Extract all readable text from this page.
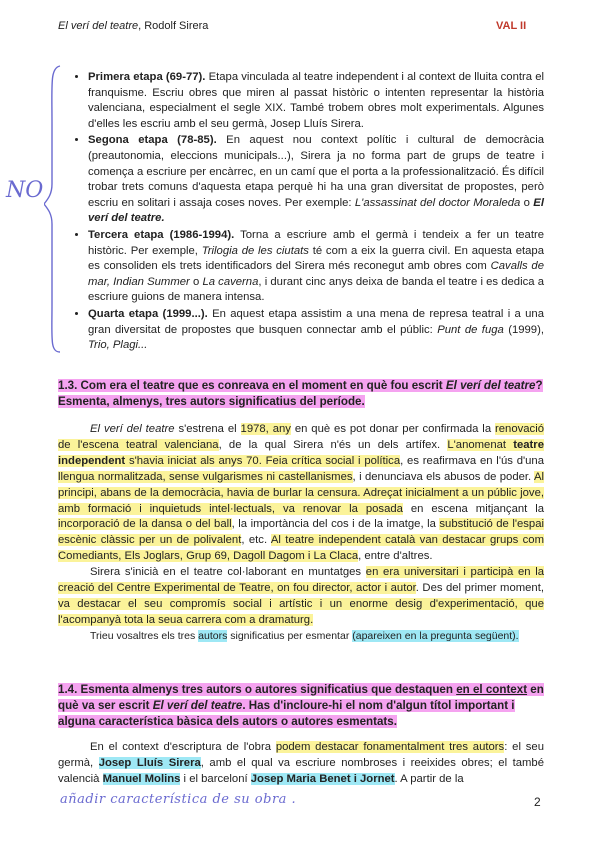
El verí del teatre, Rodolf Sirera	VAL II
NO
• Primera etapa (69-77). Etapa vinculada al teatre independent i al context de lluita contra el franquisme. Escriu obres que miren al passat històric o intenten representar la història valenciana, especialment el segle XIX. També trobem obres molt experimentals. Algunes d'elles les escriu amb el seu germà, Josep Lluís Sirera.
• Segona etapa (78-85). En aquest nou context polític i cultural de democràcia (preautonomia, eleccions municipals...), Sirera ja no forma part de grups de teatre i comença a escriure per encàrrec, en un camí que el porta a la professionalització. És difícil trobar trets comuns d'aquesta etapa perquè hi ha una gran diversitat de propostes, però escriu en solitari i assaja coses noves. Per exemple: L'assassinat del doctor Moraleda o El verí del teatre.
• Tercera etapa (1986-1994). Torna a escriure amb el germà i tendeix a fer un teatre històric. Per exemple, Trilogia de les ciutats té com a eix la guerra civil. En aquesta etapa es consoliden els trets identificadors del Sirera més reconegut amb obres com Cavalls de mar, Indian Summer o La caverna, i durant cinc anys deixa de banda el teatre i es dedica a escriure guions de manera intensa.
• Quarta etapa (1999...). En aquest etapa assistim a una mena de represa teatral i a una gran diversitat de propostes que busquen connectar amb el públic: Punt de fuga (1999), Trio, Plagi...
1.3. Com era el teatre que es conreava en el moment en què fou escrit El verí del teatre? Esmenta, almenys, tres autors significatius del període.

El verí del teatre s'estrena el 1978, any en què es pot donar per confirmada la renovació de l'escena teatral valenciana, de la qual Sirera n'és un dels artífex. L'anomenat teatre independent s'havia iniciat als anys 70. Feia crítica social i política, es reafirmava en l'ús d'una llengua normalitzada, sense vulgarismes ni castellanismes, i denunciava els abusos de poder. Al principi, abans de la democràcia, havia de burlar la censura. Adreçat inicialment a un públic jove, amb formació i inquietuds intel·lectuals, va renovar la posada en escena mitjançant la incorporació de la dansa o del ball, la importància del cos i de la imatge, la substitució de l'espai escènic clàssic per un de polivalent, etc. Al teatre independent català van destacar grups com Comediants, Els Joglars, Grup 69, Dagoll Dagom i La Claca, entre d'altres.

Sirera s'inicià en el teatre col·laborant en muntatges en era universitari i participà en la creació del Centre Experimental de Teatre, on fou director, actor i autor. Des del primer moment, va destacar el seu compromís social i artístic i un enorme desig d'experimentació, que l'acompanyà tota la seua carrera com a dramaturg.

Trieu vosaltres els tres autors significatius per esmentar (apareixen en la pregunta següent).

1.4. Esmenta almenys tres autors o autores significatius que destaquen en el context en què va ser escrit El verí del teatre. Has d'incloure-hi el nom d'algun títol important i alguna característica bàsica dels autors o autores esmentats.

En el context d'escriptura de l'obra podem destacar fonamentalment tres autors: el seu germà, Josep Lluís Sirera, amb el qual va escriure nombroses i reeixides obres; el també valencià Manuel Molins i el barceloní Josep Maria Benet i Jornet. A partir de la

añadir característica de su obra .	2
